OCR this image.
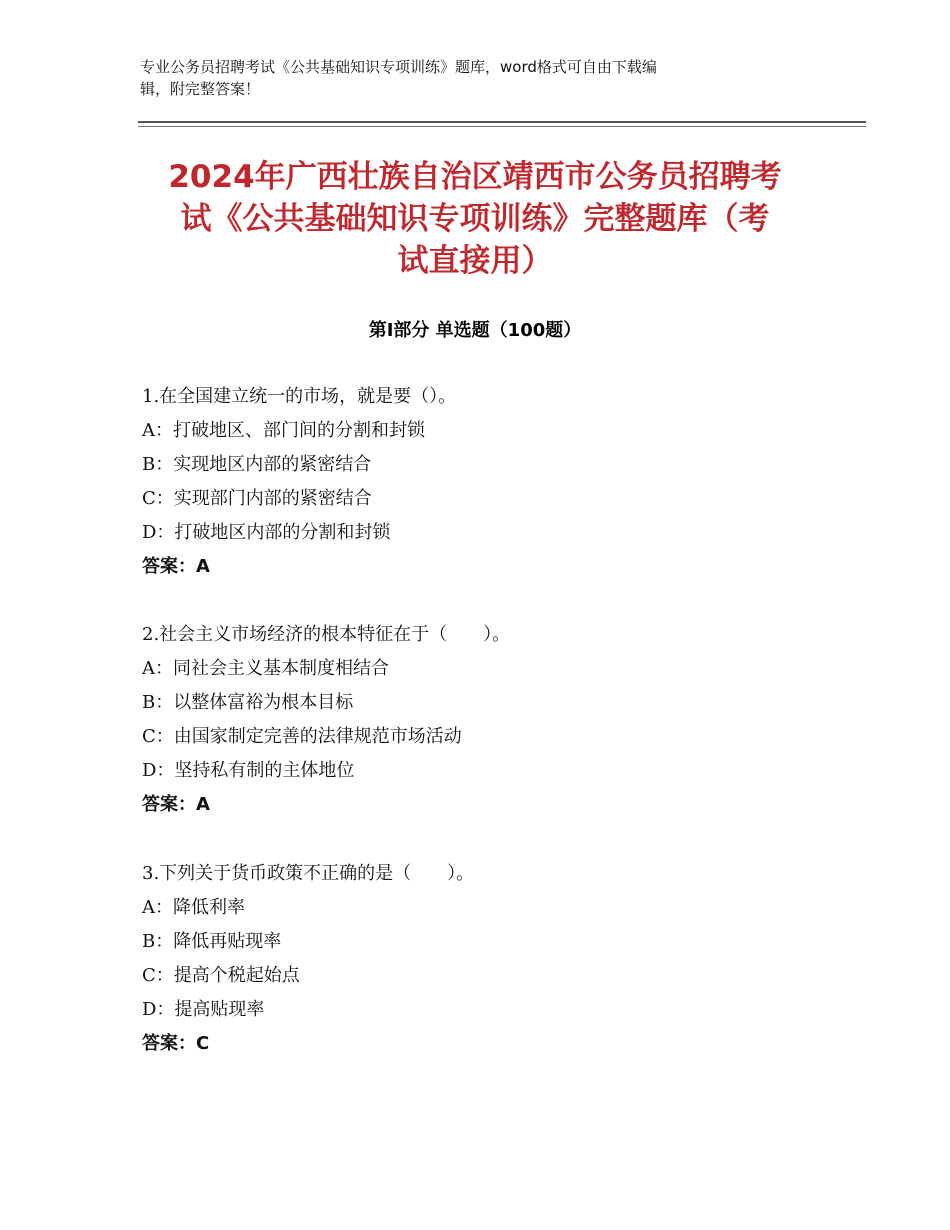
专业公务员招聘考试《公共基础知识专项训练》题库，word格式可自由下载编
辑，附完整答案！
2024年广西壮族自治区靖西市公务员招聘考
试《公共基础知识专项训练》完整题库（考
试直接用）
第Ⅰ部分 单选题（100题）
1.在全国建立统一的市场，就是要（）。
A：打破地区、部门间的分割和封锁
B：实现地区内部的紧密结合
C：实现部门内部的紧密结合
D：打破地区内部的分割和封锁
答案：A
2.社会主义市场经济的根本特征在于（　　）。
A：同社会主义基本制度相结合
B：以整体富裕为根本目标
C：由国家制定完善的法律规范市场活动
D：坚持私有制的主体地位
答案：A
3.下列关于货币政策不正确的是（　　）。
A：降低利率
B：降低再贴现率
C：提高个税起始点
D：提高贴现率
答案：C
